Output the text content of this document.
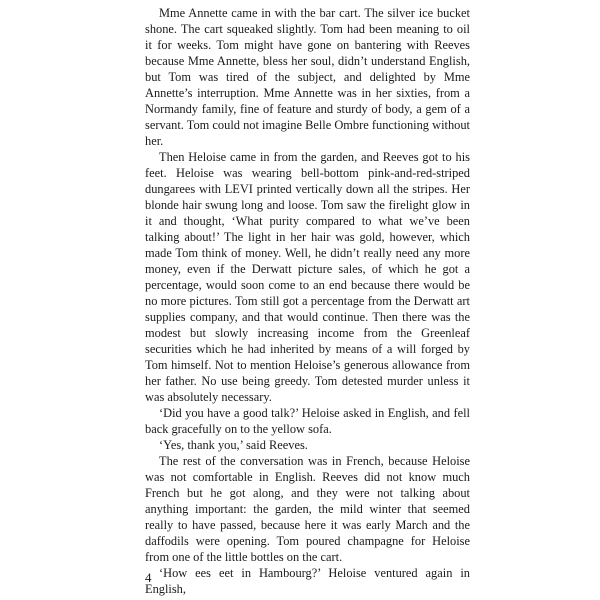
Mme Annette came in with the bar cart. The silver ice bucket shone. The cart squeaked slightly. Tom had been meaning to oil it for weeks. Tom might have gone on bantering with Reeves because Mme Annette, bless her soul, didn’t understand English, but Tom was tired of the subject, and delighted by Mme Annette’s interruption. Mme Annette was in her sixties, from a Normandy family, fine of feature and sturdy of body, a gem of a servant. Tom could not imagine Belle Ombre functioning without her.

Then Heloise came in from the garden, and Reeves got to his feet. Heloise was wearing bell-bottom pink-and-red-striped dungarees with LEVI printed vertically down all the stripes. Her blonde hair swung long and loose. Tom saw the firelight glow in it and thought, ‘What purity compared to what we’ve been talking about!’ The light in her hair was gold, however, which made Tom think of money. Well, he didn’t really need any more money, even if the Derwatt picture sales, of which he got a percentage, would soon come to an end because there would be no more pictures. Tom still got a percentage from the Derwatt art supplies company, and that would continue. Then there was the modest but slowly increasing income from the Greenleaf securities which he had inherited by means of a will forged by Tom himself. Not to mention Heloise’s generous allowance from her father. No use being greedy. Tom detested murder unless it was absolutely necessary.

‘Did you have a good talk?’ Heloise asked in English, and fell back gracefully on to the yellow sofa.

‘Yes, thank you,’ said Reeves.

The rest of the conversation was in French, because Heloise was not comfortable in English. Reeves did not know much French but he got along, and they were not talking about anything important: the garden, the mild winter that seemed really to have passed, because here it was early March and the daffodils were opening. Tom poured champagne for Heloise from one of the little bottles on the cart.

‘How ees eet in Hambourg?’ Heloise ventured again in English,

4
